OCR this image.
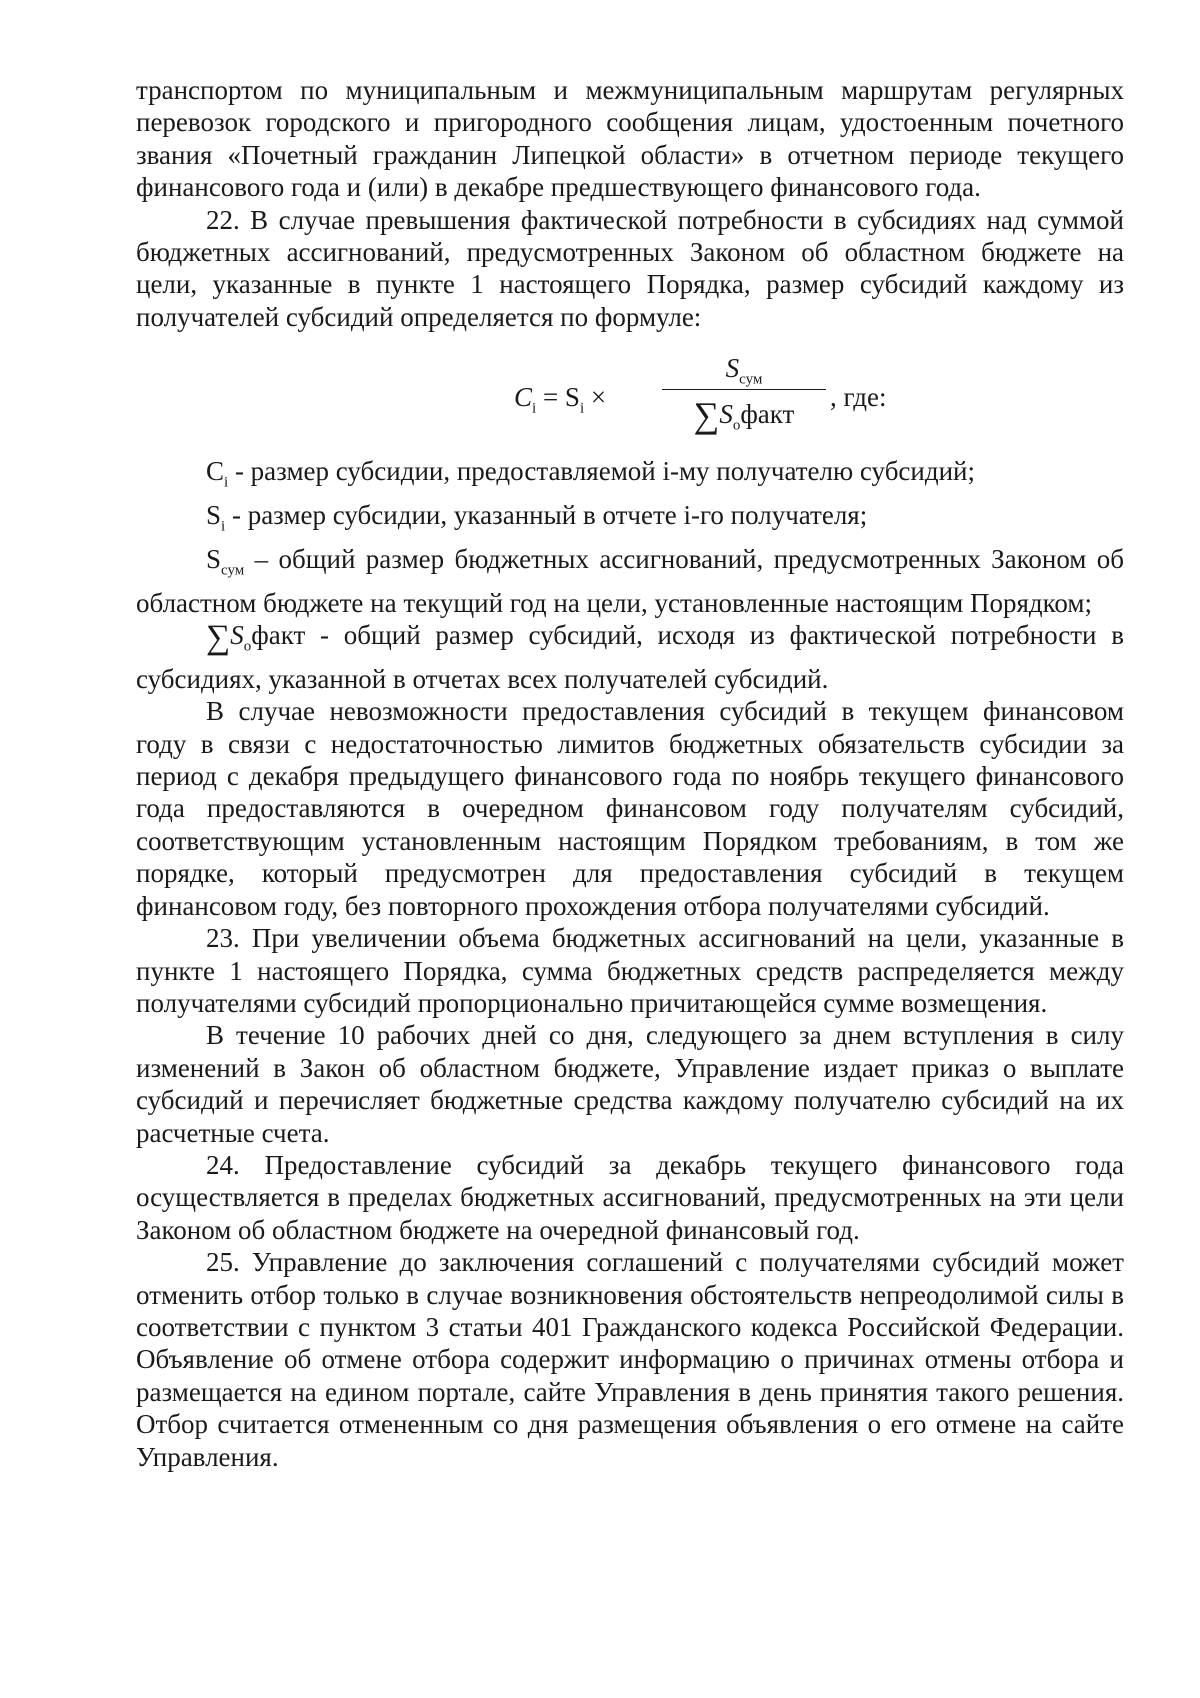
транспортом по муниципальным и межмуниципальным маршрутам регулярных перевозок городского и пригородного сообщения лицам, удостоенным почетного звания «Почетный гражданин Липецкой области» в отчетном периоде текущего финансового года и (или) в декабре предшествующего финансового года.

22. В случае превышения фактической потребности в субсидиях над суммой бюджетных ассигнований, предусмотренных Законом об областном бюджете на цели, указанные в пункте 1 настоящего Порядка, размер субсидий каждому из получателей субсидий определяется по формуле:

$C_i = S_i$ ×
$S_{сум}$
$\sum S_офакт$
, где:

$C_i$ - размер субсидии, предоставляемой i-му получателю субсидий;

$S_i$ - размер субсидии, указанный в отчете i-го получателя;

$S_{сум}$ – общий размер бюджетных ассигнований, предусмотренных Законом об областном бюджете на текущий год на цели, установленные настоящим Порядком;

$\sum S_офакт$ - общий размер субсидий, исходя из фактической потребности в субсидиях, указанной в отчетах всех получателей субсидий.

В случае невозможности предоставления субсидий в текущем финансовом году в связи с недостаточностью лимитов бюджетных обязательств субсидии за период с декабря предыдущего финансового года по ноябрь текущего финансового года предоставляются в очередном финансовом году получателям субсидий, соответствующим установленным настоящим Порядком требованиям, в том же порядке, который предусмотрен для предоставления субсидий в текущем финансовом году, без повторного прохождения отбора получателями субсидий.

23. При увеличении объема бюджетных ассигнований на цели, указанные в пункте 1 настоящего Порядка, сумма бюджетных средств распределяется между получателями субсидий пропорционально причитающейся сумме возмещения.

В течение 10 рабочих дней со дня, следующего за днем вступления в силу изменений в Закон об областном бюджете, Управление издает приказ о выплате субсидий и перечисляет бюджетные средства каждому получателю субсидий на их расчетные счета.

24. Предоставление субсидий за декабрь текущего финансового года осуществляется в пределах бюджетных ассигнований, предусмотренных на эти цели Законом об областном бюджете на очередной финансовый год.

25. Управление до заключения соглашений с получателями субсидий может отменить отбор только в случае возникновения обстоятельств непреодолимой силы в соответствии с пунктом 3 статьи 401 Гражданского кодекса Российской Федерации. Объявление об отмене отбора содержит информацию о причинах отмены отбора и размещается на едином портале, сайте Управления в день принятия такого решения. Отбор считается отмененным со дня размещения объявления о его отмене на сайте Управления.
